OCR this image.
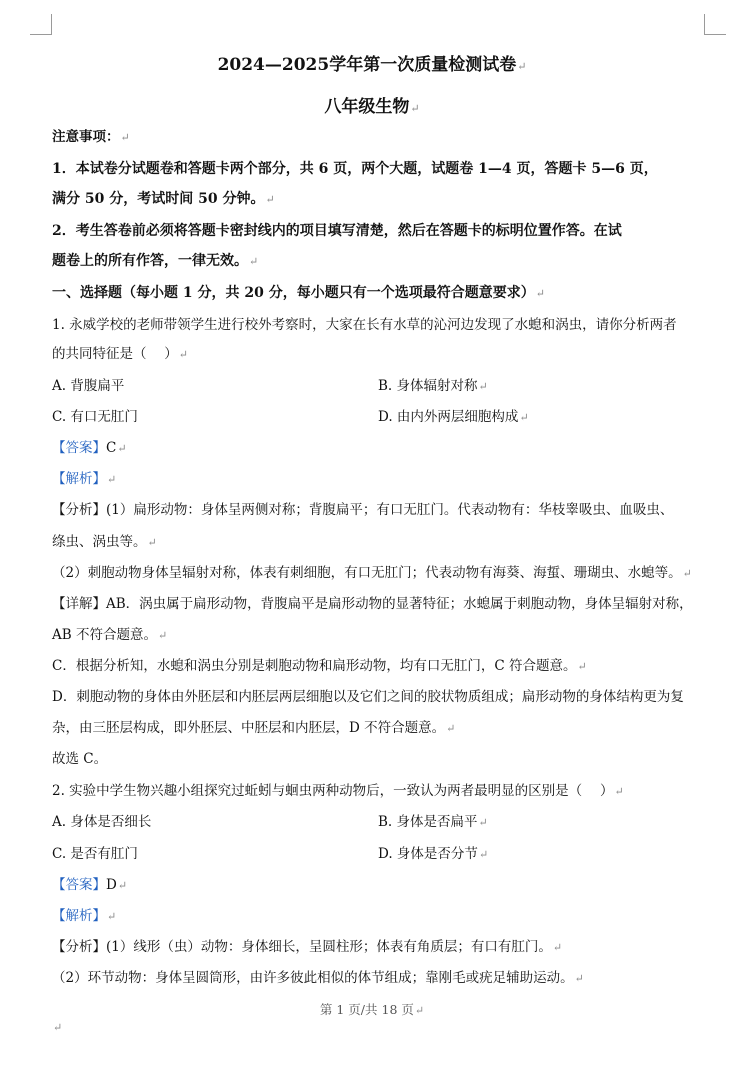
2024—2025学年第一次质量检测试卷↵
八年级生物↵
注意事项：↵
1．本试卷分试题卷和答题卡两个部分，共 6 页，两个大题，试题卷 1—4 页，答题卡 5—6 页，
满分 50 分，考试时间 50 分钟。↵
2．考生答卷前必须将答题卡密封线内的项目填写清楚，然后在答题卡的标明位置作答。在试
题卷上的所有作答，一律无效。↵
一、选择题（每小题 1 分，共 20 分，每小题只有一个选项最符合题意要求）↵
1. 永威学校的老师带领学生进行校外考察时，大家在长有水草的沁河边发现了水螅和涡虫，请你分析两者
的共同特征是（　 ）↵
A. 背腹扁平	B. 身体辐射对称↵
C. 有口无肛门	D. 由内外两层细胞构成↵
【答案】C↵
【解析】↵
【分析】(1）扁形动物：身体呈两侧对称；背腹扁平；有口无肛门。代表动物有：华枝睾吸虫、血吸虫、
绦虫、涡虫等。↵
（2）刺胞动物身体呈辐射对称，体表有刺细胞，有口无肛门；代表动物有海葵、海蜇、珊瑚虫、水螅等。↵
【详解】AB．涡虫属于扁形动物，背腹扁平是扁形动物的显著特征；水螅属于刺胞动物，身体呈辐射对称，
AB 不符合题意。↵
C．根据分析知，水螅和涡虫分别是刺胞动物和扁形动物，均有口无肛门，C 符合题意。↵
D．刺胞动物的身体由外胚层和内胚层两层细胞以及它们之间的胶状物质组成；扁形动物的身体结构更为复
杂，由三胚层构成，即外胚层、中胚层和内胚层，D 不符合题意。↵
故选 C。
2. 实验中学生物兴趣小组探究过蚯蚓与蛔虫两种动物后，一致认为两者最明显的区别是（　 ）↵
A. 身体是否细长	B. 身体是否扁平↵
C. 是否有肛门	D. 身体是否分节↵
【答案】D↵
【解析】↵
【分析】(1）线形（虫）动物：身体细长，呈圆柱形；体表有角质层；有口有肛门。↵
（2）环节动物：身体呈圆筒形，由许多彼此相似的体节组成；靠刚毛或疣足辅助运动。↵
第 1 页/共 18 页↵
↵
